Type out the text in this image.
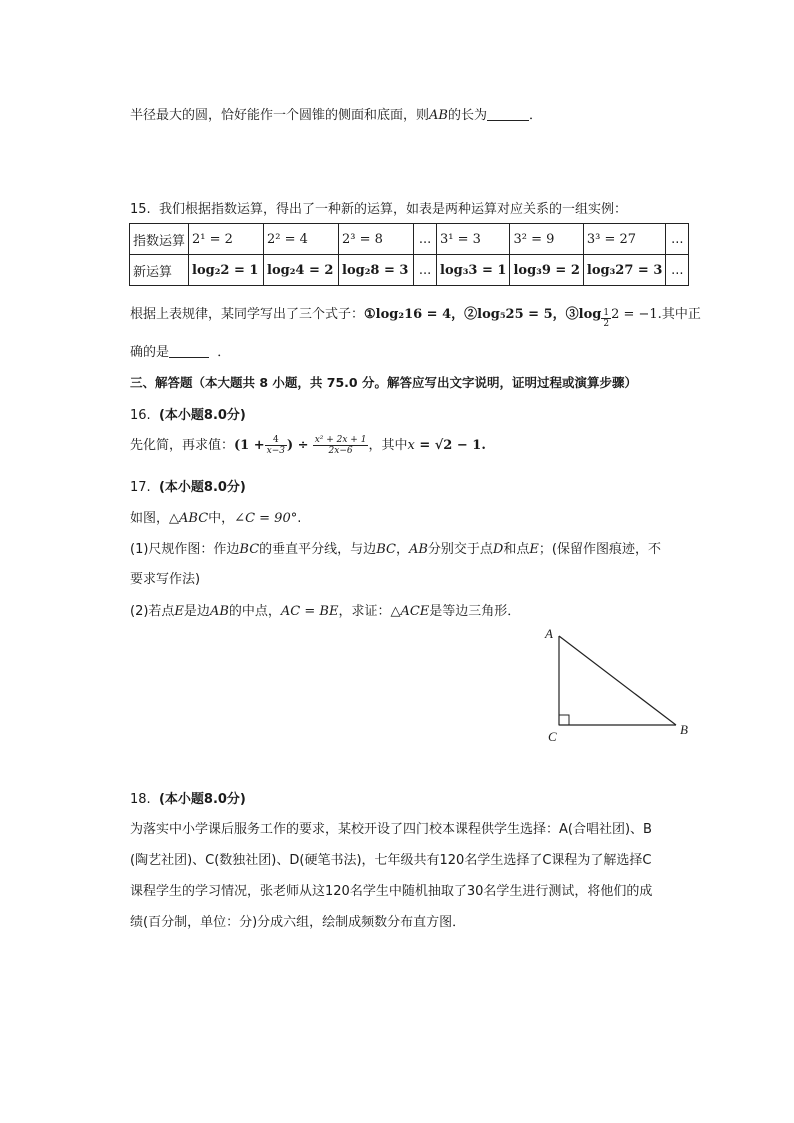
半径最大的圆，恰好能作一个圆锥的侧面和底面，则AB的长为	．
15. 我们根据指数运算，得出了一种新的运算，如表是两种运算对应关系的一组实例：
指数运算	2¹ = 2	2² = 4	2³ = 8	...	3¹ = 3	3² = 9	3³ = 27	...
新运算	log₂2 = 1	log₂4 = 2	log₂8 = 3	...	log₃3 = 1	log₃9 = 2	log₃27 = 3	...
根据上表规律，某同学写出了三个式子：①log₂16 = 4，②log₅25 = 5，③log $\frac{1}{2} 2 = -1$.其中正
确的是	．
三、解答题（本大题共 8 小题，共 75.0 分。解答应写出文字说明，证明过程或演算步骤）
16. (本小题8.0分)
先化简，再求值：($1 + \frac{4}{x-3}$ ) ÷ $\frac{\text{x² + 2x + 1}}{2x-6}$ ，其中x = √2 − 1.
17. (本小题8.0分)
如图，△ABC中，∠C = 90°.
(1)尺规作图：作边BC的垂直平分线，与边BC，AB分别交于点D和点E；(保留作图痕迹，不
要求写作法)
(2)若点E是边AB的中点，AC = BE，求证：△ACE是等边三角形．
A
B
C
18. (本小题8.0分)
为落实中小学课后服务工作的要求，某校开设了四门校本课程供学生选择：A(合唱社团)、B
(陶艺社团)、C(数独社团)、D(硬笔书法)，七年级共有120名学生选择了C课程为了解选择C
课程学生的学习情况，张老师从这120名学生中随机抽取了30名学生进行测试，将他们的成
绩(百分制，单位：分)分成六组，绘制成频数分布直方图．
